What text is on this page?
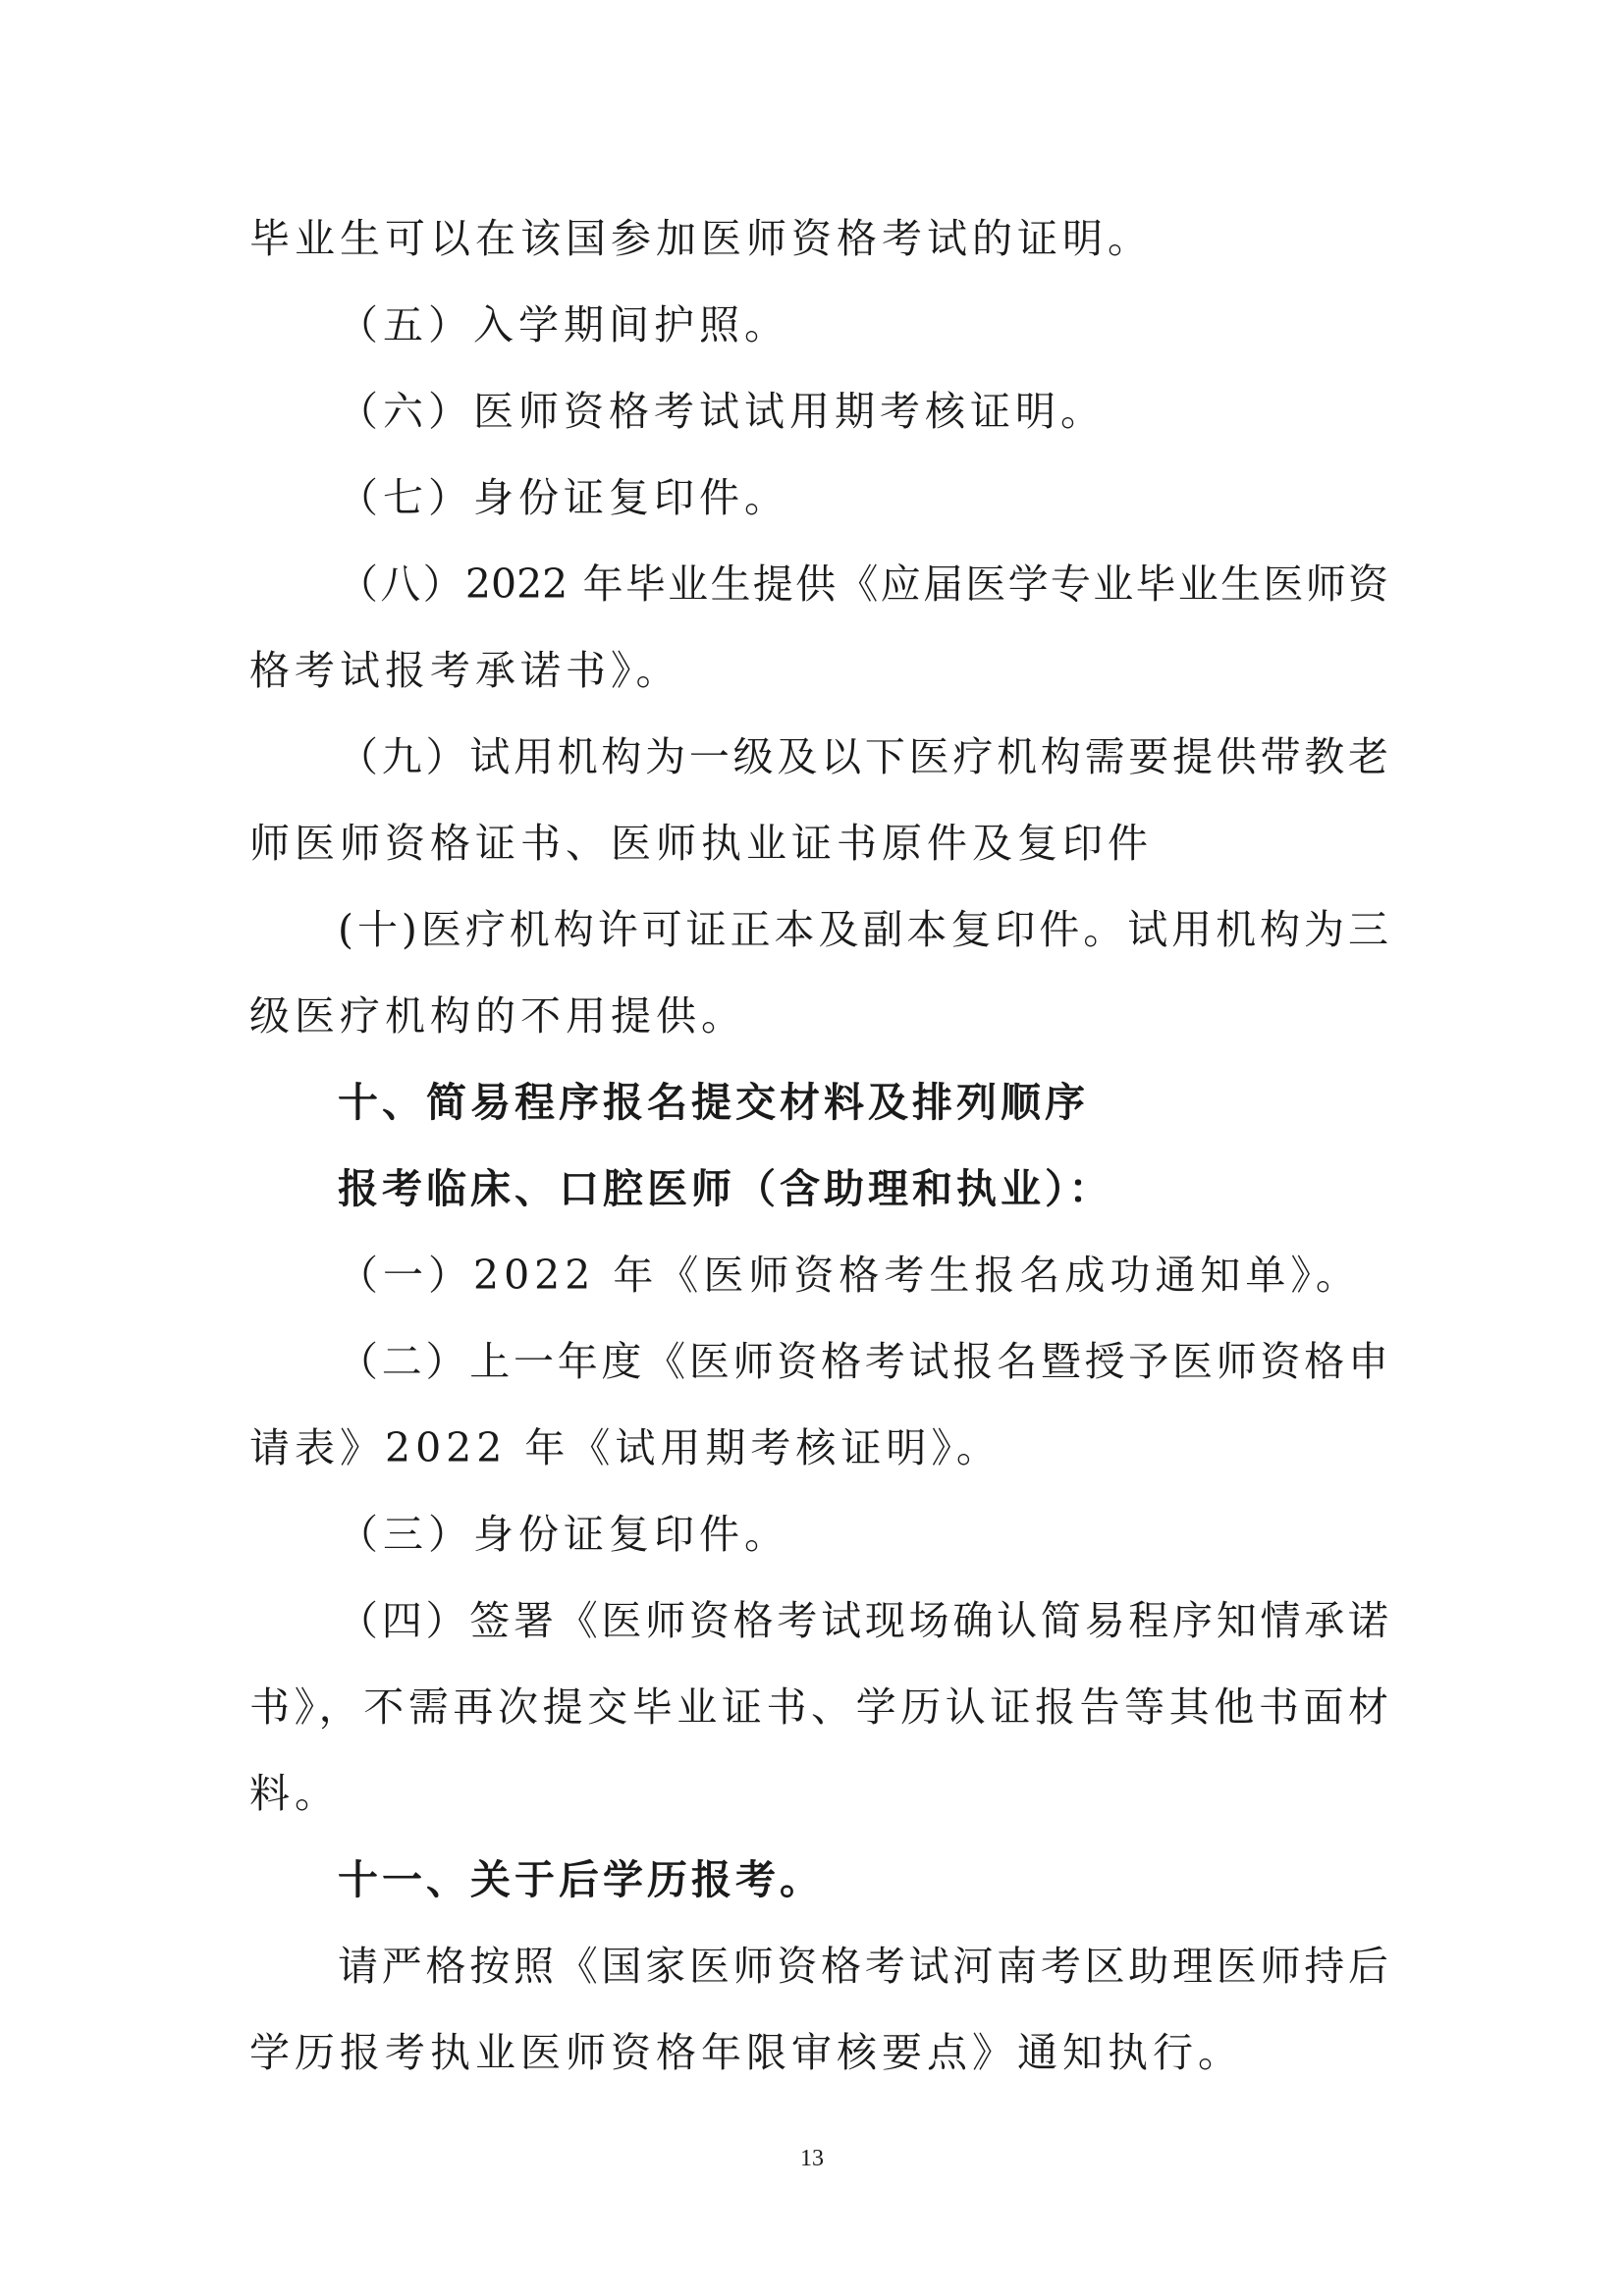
毕业生可以在该国参加医师资格考试的证明。
（五）入学期间护照。
（六）医师资格考试试用期考核证明。
（七）身份证复印件。
（八）2022 年毕业生提供《应届医学专业毕业生医师资
格考试报考承诺书》。
（九）试用机构为一级及以下医疗机构需要提供带教老
师医师资格证书、医师执业证书原件及复印件
(十)医疗机构许可证正本及副本复印件。试用机构为三
级医疗机构的不用提供。
十、简易程序报名提交材料及排列顺序
报考临床、口腔医师（含助理和执业）：
（一）2022 年《医师资格考生报名成功通知单》。
（二）上一年度《医师资格考试报名暨授予医师资格申
请表》2022 年《试用期考核证明》。
（三）身份证复印件。
（四）签署《医师资格考试现场确认简易程序知情承诺
书》，不需再次提交毕业证书、学历认证报告等其他书面材
料。
十一、关于后学历报考。
请严格按照《国家医师资格考试河南考区助理医师持后
学历报考执业医师资格年限审核要点》通知执行。
13
